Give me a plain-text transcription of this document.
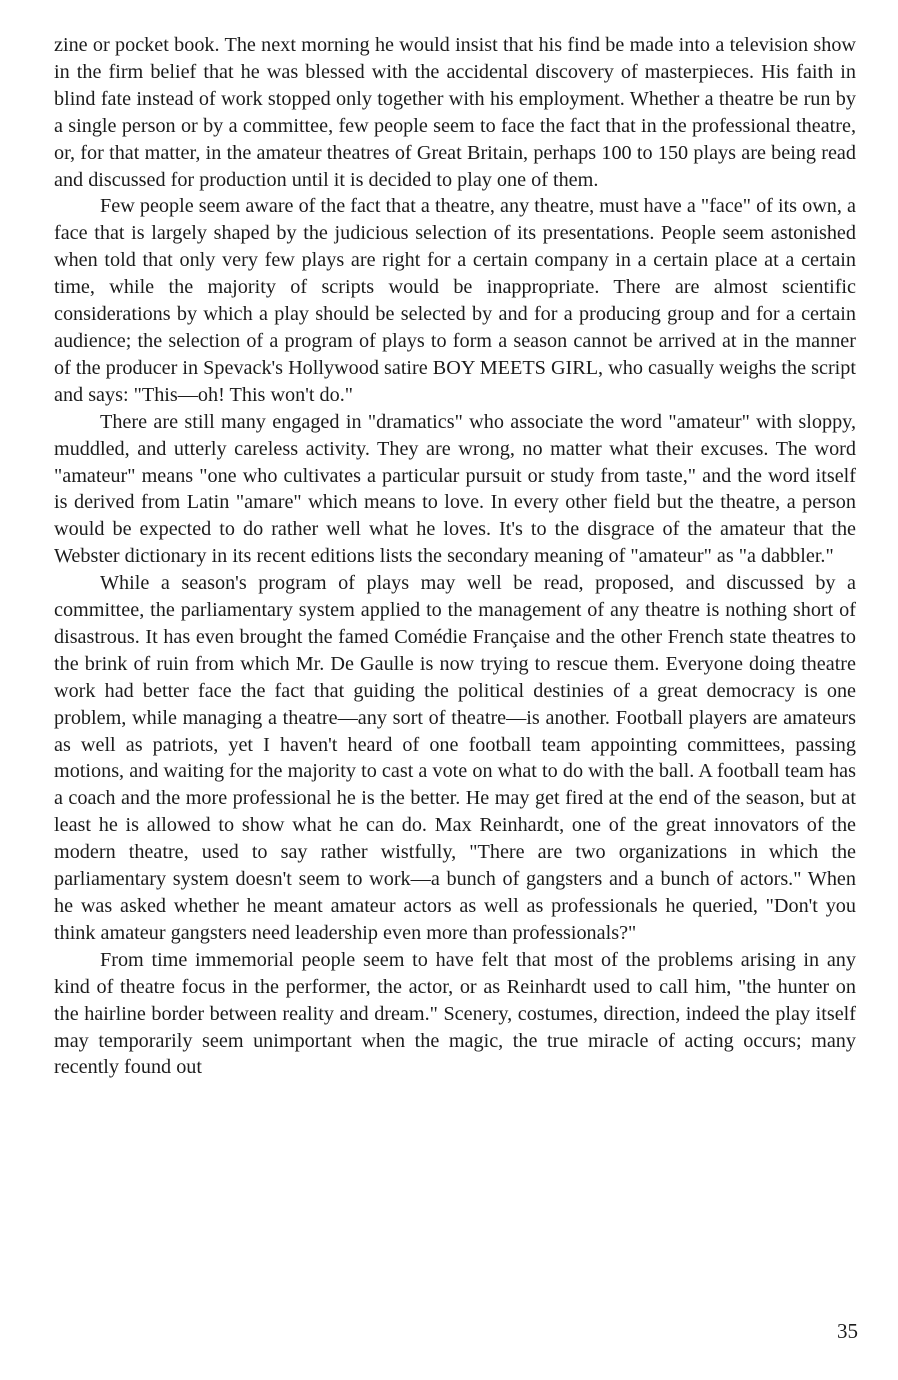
zine or pocket book. The next morning he would insist that his find be made into a television show in the firm belief that he was blessed with the accidental discovery of masterpieces. His faith in blind fate instead of work stopped only together with his employment. Whether a theatre be run by a single person or by a committee, few people seem to face the fact that in the professional theatre, or, for that matter, in the amateur theatres of Great Britain, perhaps 100 to 150 plays are being read and discussed for production until it is decided to play one of them.

Few people seem aware of the fact that a theatre, any theatre, must have a "face" of its own, a face that is largely shaped by the judicious selection of its presentations. People seem astonished when told that only very few plays are right for a certain company in a certain place at a certain time, while the majority of scripts would be inappropriate. There are almost scientific considerations by which a play should be selected by and for a producing group and for a certain audience; the selection of a program of plays to form a season cannot be arrived at in the manner of the producer in Spevack's Hollywood satire BOY MEETS GIRL, who casually weighs the script and says: "This—oh! This won't do."

There are still many engaged in "dramatics" who associate the word "amateur" with sloppy, muddled, and utterly careless activity. They are wrong, no matter what their excuses. The word "amateur" means "one who cultivates a particular pursuit or study from taste," and the word itself is derived from Latin "amare" which means to love. In every other field but the theatre, a person would be expected to do rather well what he loves. It's to the disgrace of the amateur that the Webster dictionary in its recent editions lists the secondary meaning of "amateur" as "a dabbler."

While a season's program of plays may well be read, proposed, and discussed by a committee, the parliamentary system applied to the management of any theatre is nothing short of disastrous. It has even brought the famed Comédie Française and the other French state theatres to the brink of ruin from which Mr. De Gaulle is now trying to rescue them. Everyone doing theatre work had better face the fact that guiding the political destinies of a great democracy is one problem, while managing a theatre—any sort of theatre—is another. Football players are amateurs as well as patriots, yet I haven't heard of one football team appointing committees, passing motions, and waiting for the majority to cast a vote on what to do with the ball. A football team has a coach and the more professional he is the better. He may get fired at the end of the season, but at least he is allowed to show what he can do. Max Reinhardt, one of the great innovators of the modern theatre, used to say rather wistfully, "There are two organizations in which the parliamentary system doesn't seem to work—a bunch of gangsters and a bunch of actors." When he was asked whether he meant amateur actors as well as professionals he queried, "Don't you think amateur gangsters need leadership even more than professionals?"

From time immemorial people seem to have felt that most of the problems arising in any kind of theatre focus in the performer, the actor, or as Reinhardt used to call him, "the hunter on the hairline border between reality and dream." Scenery, costumes, direction, indeed the play itself may temporarily seem unimportant when the magic, the true miracle of acting occurs; many recently found out

35
